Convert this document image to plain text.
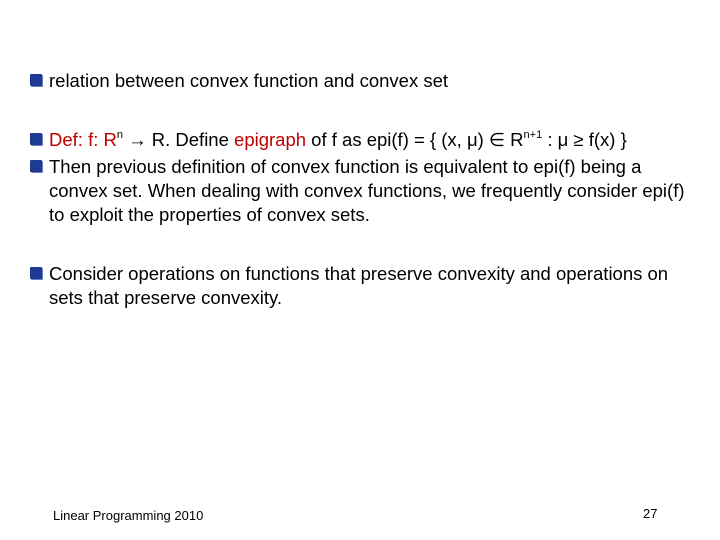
relation between convex function and convex set
Def: f: $R^n \to R$. Define epigraph of f as epi(f) = { (x, μ) ∈ $R^{n+1}$ : μ ≥ f(x) }
Then previous definition of convex function is equivalent to epi(f) being a convex set. When dealing with convex functions, we frequently consider epi(f) to exploit the properties of convex sets.
Consider operations on functions that preserve convexity and operations on sets that preserve convexity.
Linear Programming 2010	27
